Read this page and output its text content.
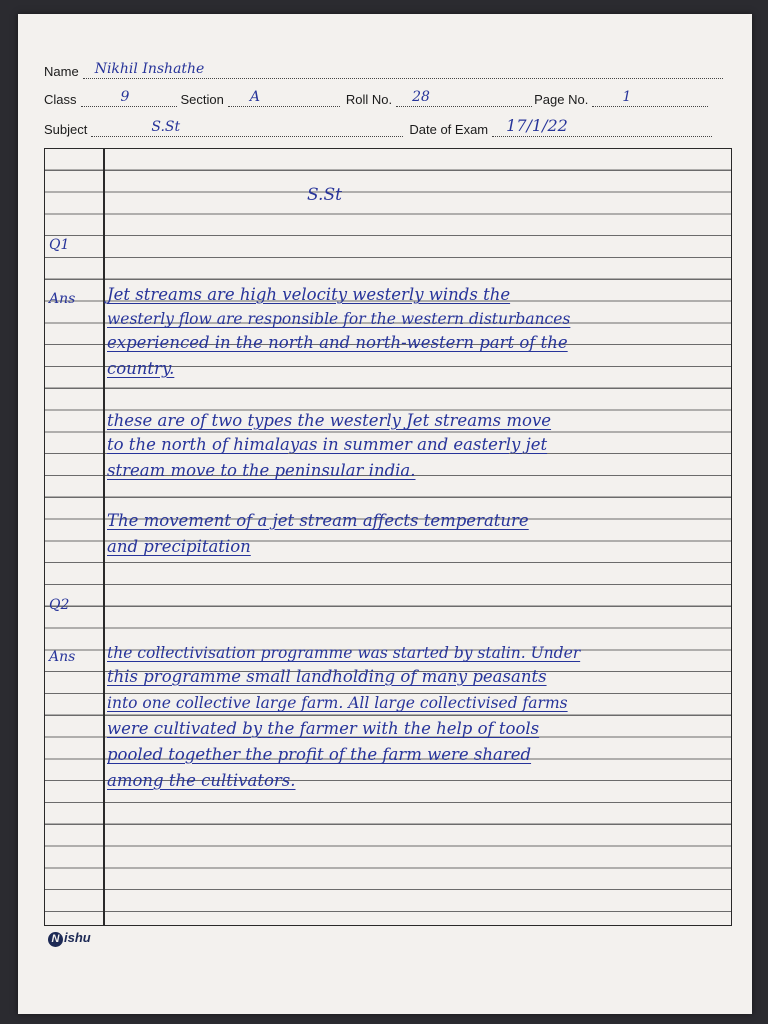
Name Nikhil Inshathe
Class	9	Section A	Roll No. 28	Page No. 1
Subject	S.St	Date of Exam 17/1/22
S.St
Q1
Ans Jet streams are high velocity westerly winds the
westerly flow are responsible for the western disturbances
experienced in the north and north-western part of the
country.
these are of two types the westerly Jet streams move
to the north of himalayas in summer and easterly jet
stream move to the peninsular india.
The movement of a jet stream affects temperature
and precipitation
Q2
Ans the collectivisation programme was started by stalin. Under
this programme small landholding of many peasants
into one collective large farm. All large collectivised farms
were cultivated by the farmer with the help of tools
pooled together the profit of the farm were shared
among the cultivators.
N ishu
